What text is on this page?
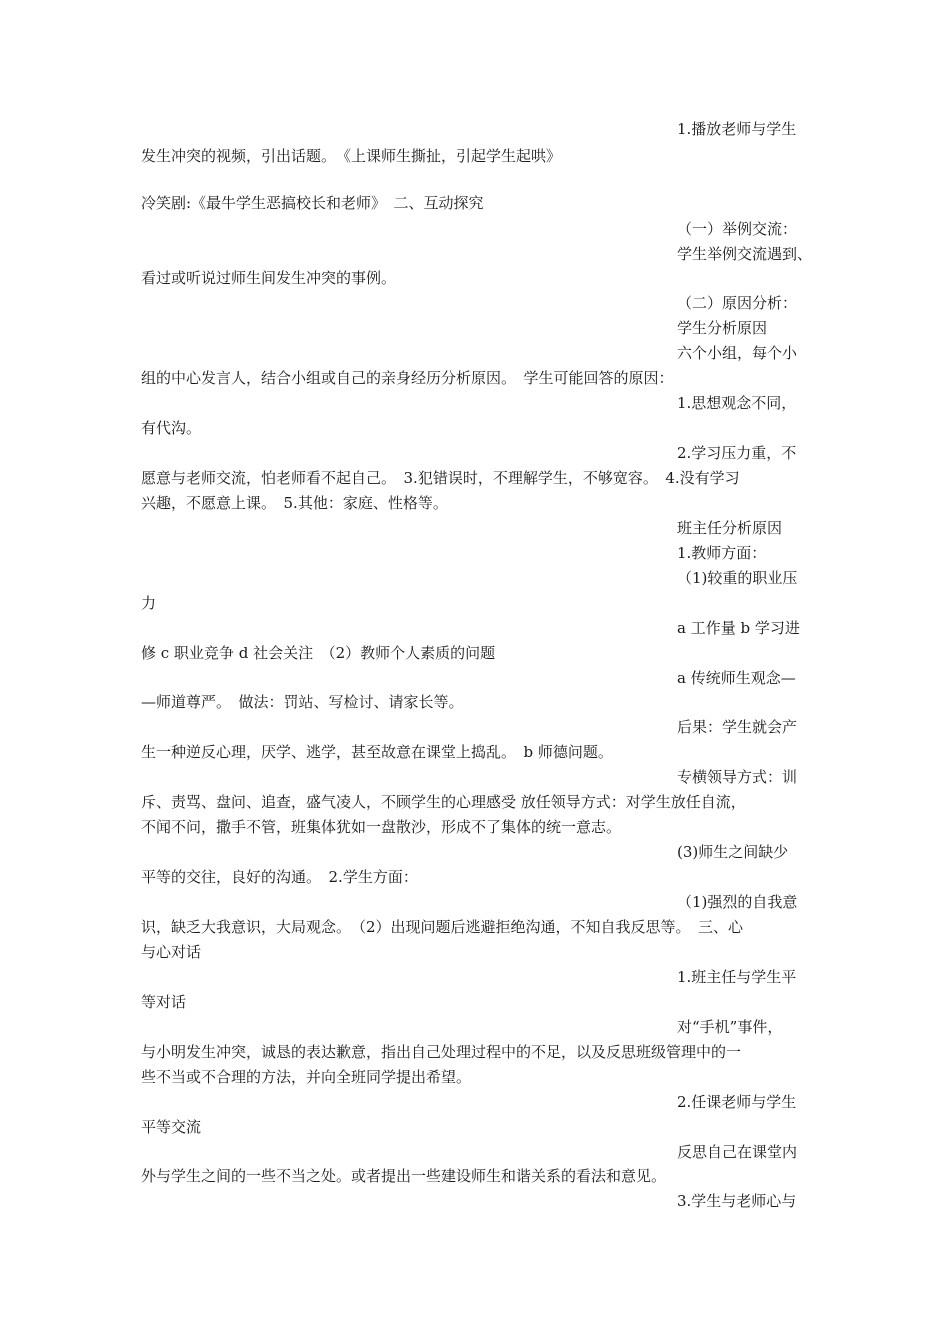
1.播放老师与学生
发生冲突的视频，引出话题。　《上课师生撕扯，引起学生起哄》
冷笑剧:《最牛学生恶搞校长和老师》　二、互动探究
（一）举例交流：
学生举例交流遇到、
看过或听说过师生间发生冲突的事例。
（二）原因分析：
学生分析原因
六个小组，每个小
组的中心发言人，结合小组或自己的亲身经历分析原因。　学生可能回答的原因：
1.思想观念不同，
有代沟。
2.学习压力重，不
愿意与老师交流，怕老师看不起自己。　3.犯错误时，不理解学生，不够宽容。　4.没有学习
兴趣，不愿意上课。　5.其他：家庭、性格等。
班主任分析原因
1.教师方面：
（1)较重的职业压
力
a 工作量 b 学习进
修 c 职业竞争 d 社会关注　（2）教师个人素质的问题
a 传统师生观念—
—师道尊严。　做法：罚站、写检讨、请家长等。
后果：学生就会产
生一种逆反心理，厌学、逃学，甚至故意在课堂上捣乱。　b 师德问题。
专横领导方式：训
斥、责骂、盘问、追查，盛气凌人，不顾学生的心理感受 放任领导方式：对学生放任自流，
不闻不问，撒手不管，班集体犹如一盘散沙，形成不了集体的统一意志。
(3)师生之间缺少
平等的交往，良好的沟通。　2.学生方面：
（1)强烈的自我意
识，缺乏大我意识，大局观念。　（2）出现问题后逃避拒绝沟通，不知自我反思等。　三、心
与心对话
1.班主任与学生平
等对话
对“手机”事件，
与小明发生冲突，诚恳的表达歉意，指出自己处理过程中的不足，以及反思班级管理中的一
些不当或不合理的方法，并向全班同学提出希望。
2.任课老师与学生
平等交流
反思自己在课堂内
外与学生之间的一些不当之处。或者提出一些建设师生和谐关系的看法和意见。
3.学生与老师心与
